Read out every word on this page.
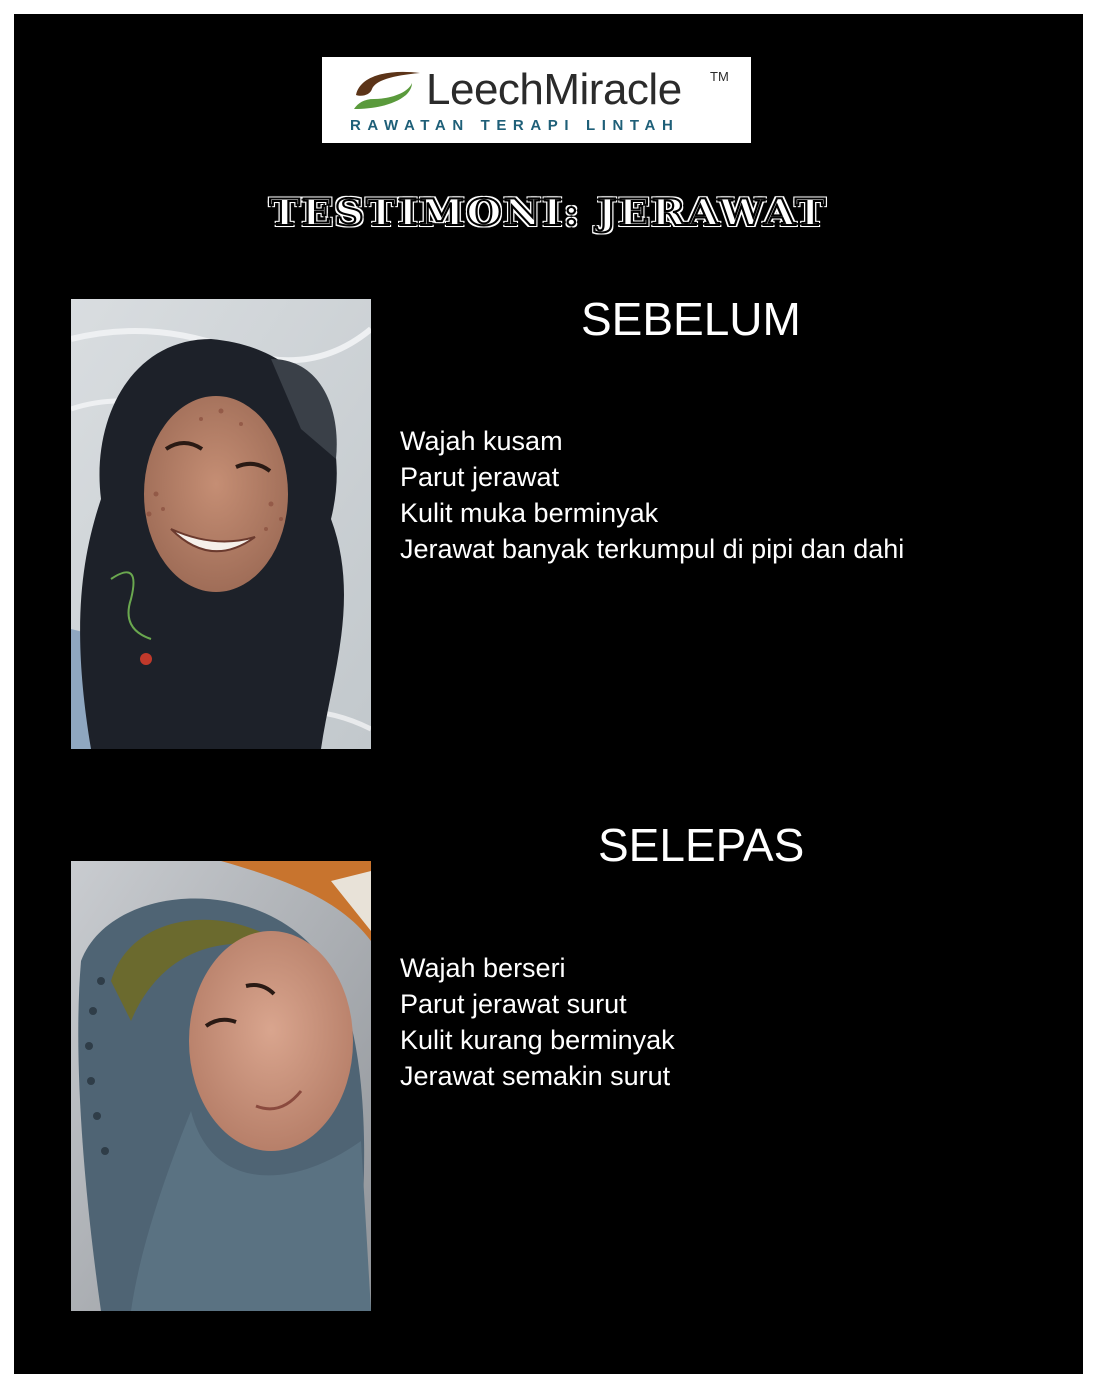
LeechMiracle TM
RAWATAN TERAPI LINTAH
TESTIMONI: JERAWAT
SEBELUM
Wajah kusam
Parut jerawat
Kulit muka berminyak
Jerawat banyak terkumpul di pipi dan dahi
SELEPAS
Wajah berseri
Parut jerawat surut
Kulit kurang berminyak
Jerawat semakin surut
